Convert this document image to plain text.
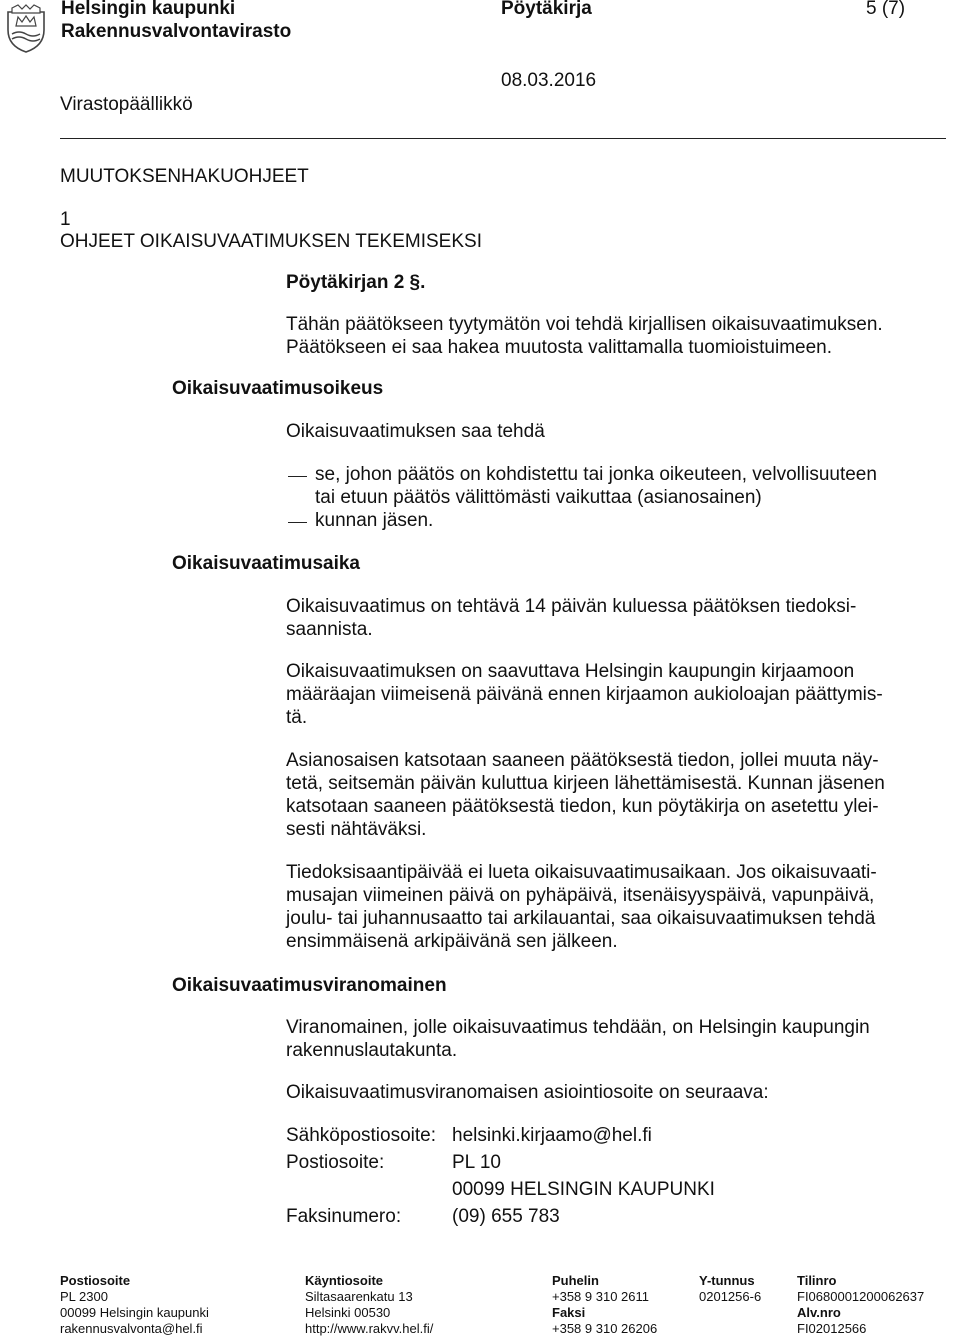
Helsingin kaupunki
Rakennusvalvontavirasto
Pöytäkirja	5 (7)
Virastopäällikkö
08.03.2016
MUUTOKSENHAKUOHJEET
1
OHJEET OIKAISUVAATIMUKSEN TEKEMISEKSI
Pöytäkirjan 2 §.
Tähän päätökseen tyytymätön voi tehdä kirjallisen oikaisuvaatimuksen.
Päätökseen ei saa hakea muutosta valittamalla tuomioistuimeen.
Oikaisuvaatimusoikeus
Oikaisuvaatimusaika
Oikaisuvaatimusviranomainen
Oikaisuvaatimuksen saa tehdä
se, johon päätös on kohdistettu tai jonka oikeuteen, velvollisuuteen
tai etuun päätös välittömästi vaikuttaa (asianosainen)
kunnan jäsen.
Oikaisuvaatimus on tehtävä 14 päivän kuluessa päätöksen tiedoksi-
saannista.
Oikaisuvaatimuksen on saavuttava Helsingin kaupungin kirjaamoon
määräajan viimeisenä päivänä ennen kirjaamon aukioloajan päättymis-
tä.
Asianosaisen katsotaan saaneen päätöksestä tiedon, jollei muuta näy-
tetä, seitsemän päivän kuluttua kirjeen lähettämisestä. Kunnan jäsenen
katsotaan saaneen päätöksestä tiedon, kun pöytäkirja on asetettu ylei-
sesti nähtäväksi.
Tiedoksisaantipäivää ei lueta oikaisuvaatimusaikaan. Jos oikaisuvaati-
musajan viimeinen päivä on pyhäpäivä, itsenäisyyspäivä, vapunpäivä,
joulu- tai juhannusaatto tai arkilauantai, saa oikaisuvaatimuksen tehdä
ensimmäisenä arkipäivänä sen jälkeen.
Viranomainen, jolle oikaisuvaatimus tehdään, on Helsingin kaupungin
rakennuslautakunta.
Oikaisuvaatimusviranomaisen asiointiosoite on seuraava:
Sähköpostiosoite: helsinki.kirjaamo@hel.fi
Postiosoite:	PL 10
00099 HELSINGIN KAUPUNKI
Faksinumero:	(09) 655 783
Postiosoite
PL 2300
00099 Helsingin kaupunki
rakennusvalvonta@hel.fi
Käyntiosoite
Siltasaarenkatu 13
Helsinki 00530
http://www.rakvv.hel.fi/
Puhelin
+358 9 310 2611
Faksi
+358 9 310 26206
Y-tunnus
0201256-6
Tilinro
FI0680001200062637
Alv.nro
FI02012566
